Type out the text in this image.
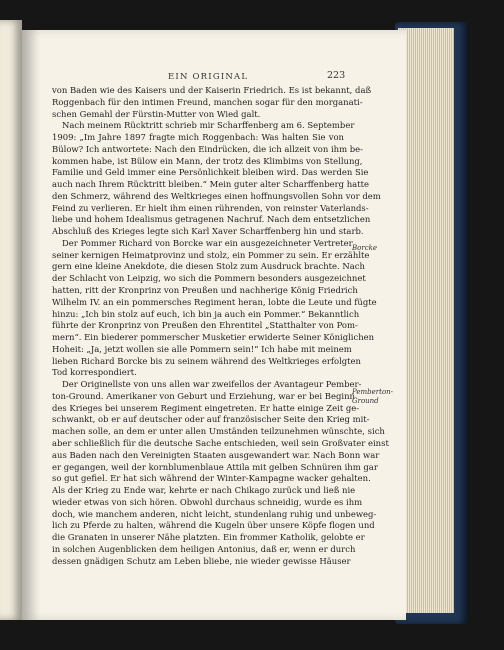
EIN ORIGINAL	223
von Baden wie des Kaisers und der Kaiserin Friedrich. Es ist bekannt, daß
Roggenbach für den intimen Freund, manchen sogar für den morganati-
schen Gemahl der Fürstin-Mutter von Wied galt.
Nach meinem Rücktritt schrieb mir Scharffenberg am 6. September
1909: „Im Jahre 1897 fragte mich Roggenbach: Was halten Sie von
Bülow? Ich antwortete: Nach den Eindrücken, die ich allzeit von ihm be-
kommen habe, ist Bülow ein Mann, der trotz des Klimbims von Stellung,
Familie und Geld immer eine Persönlichkeit bleiben wird. Das werden Sie
auch nach Ihrem Rücktritt bleiben.“ Mein guter alter Scharffenberg hatte
den Schmerz, während des Weltkrieges einen hoffnungsvollen Sohn vor dem
Feind zu verlieren. Er hielt ihm einen rührenden, von reinster Vaterlands-
liebe und hohem Idealismus getragenen Nachruf. Nach dem entsetzlichen
Abschluß des Krieges legte sich Karl Xaver Scharffenberg hin und starb.
Der Pommer Richard von Borcke war ein ausgezeichneter Vertreter
seiner kernigen Heimatprovinz und stolz, ein Pommer zu sein. Er erzählte
gern eine kleine Anekdote, die diesen Stolz zum Ausdruck brachte. Nach
der Schlacht von Leipzig, wo sich die Pommern besonders ausgezeichnet
hatten, ritt der Kronprinz von Preußen und nachherige König Friedrich
Wilhelm IV. an ein pommersches Regiment heran, lobte die Leute und fügte
hinzu: „Ich bin stolz auf euch, ich bin ja auch ein Pommer.“ Bekanntlich
führte der Kronprinz von Preußen den Ehrentitel „Statthalter von Pom-
mern“. Ein biederer pommerscher Musketier erwiderte Seiner Königlichen
Hoheit: „Ja, jetzt wollen sie alle Pommern sein!“ Ich habe mit meinem
lieben Richard Borcke bis zu seinem während des Weltkrieges erfolgten
Tod korrespondiert.
Der Originellste von uns allen war zweifellos der Avantageur Pember-
ton-Ground. Amerikaner von Geburt und Erziehung, war er bei Beginn
des Krieges bei unserem Regiment eingetreten. Er hatte einige Zeit ge-
schwankt, ob er auf deutscher oder auf französischer Seite den Krieg mit-
machen solle, an dem er unter allen Umständen teilzunehmen wünschte, sich
aber schließlich für die deutsche Sache entschieden, weil sein Großvater einst
aus Baden nach den Vereinigten Staaten ausgewandert war. Nach Bonn war
er gegangen, weil der kornblumenblaue Attila mit gelben Schnüren ihm gar
so gut gefiel. Er hat sich während der Winter-Kampagne wacker gehalten.
Als der Krieg zu Ende war, kehrte er nach Chikago zurück und ließ nie
wieder etwas von sich hören. Obwohl durchaus schneidig, wurde es ihm
doch, wie manchem anderen, nicht leicht, stundenlang ruhig und unbeweg-
lich zu Pferde zu halten, während die Kugeln über unsere Köpfe flogen und
die Granaten in unserer Nähe platzten. Ein frommer Katholik, gelobte er
in solchen Augenblicken dem heiligen Antonius, daß er, wenn er durch
dessen gnädigen Schutz am Leben bliebe, nie wieder gewisse Häuser
Borcke
Pemberton-
Ground
